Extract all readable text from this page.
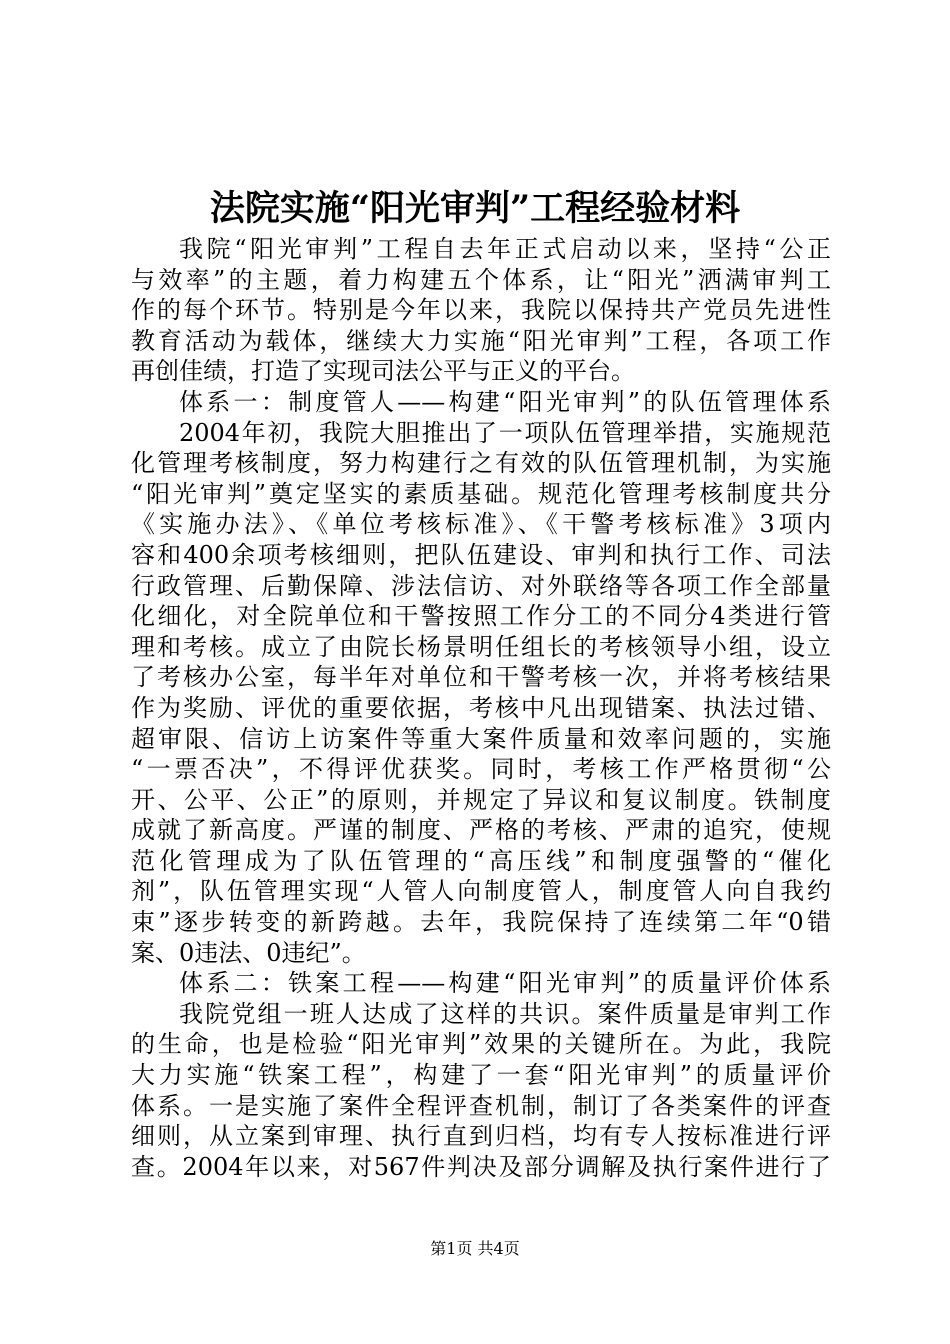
法院实施“阳光审判”工程经验材料
我院“阳光审判”工程自去年正式启动以来，坚持“公正
与效率”的主题，着力构建五个体系，让“阳光”洒满审判工
作的每个环节。特别是今年以来，我院以保持共产党员先进性
教育活动为载体，继续大力实施“阳光审判”工程，各项工作
再创佳绩，打造了实现司法公平与正义的平台。
体系一：制度管人——构建“阳光审判”的队伍管理体系
2004年初，我院大胆推出了一项队伍管理举措，实施规范
化管理考核制度，努力构建行之有效的队伍管理机制，为实施
“阳光审判”奠定坚实的素质基础。规范化管理考核制度共分
《实施办法》、《单位考核标准》、《干警考核标准》3项内
容和400余项考核细则，把队伍建设、审判和执行工作、司法
行政管理、后勤保障、涉法信访、对外联络等各项工作全部量
化细化，对全院单位和干警按照工作分工的不同分4类进行管
理和考核。成立了由院长杨景明任组长的考核领导小组，设立
了考核办公室，每半年对单位和干警考核一次，并将考核结果
作为奖励、评优的重要依据，考核中凡出现错案、执法过错、
超审限、信访上访案件等重大案件质量和效率问题的，实施
“一票否决”，不得评优获奖。同时，考核工作严格贯彻“公
开、公平、公正”的原则，并规定了异议和复议制度。铁制度
成就了新高度。严谨的制度、严格的考核、严肃的追究，使规
范化管理成为了队伍管理的“高压线”和制度强警的“催化
剂”，队伍管理实现“人管人向制度管人，制度管人向自我约
束”逐步转变的新跨越。去年，我院保持了连续第二年“0错
案、0违法、0违纪”。
体系二：铁案工程——构建“阳光审判”的质量评价体系
我院党组一班人达成了这样的共识。案件质量是审判工作
的生命，也是检验“阳光审判”效果的关键所在。为此，我院
大力实施“铁案工程”，构建了一套“阳光审判”的质量评价
体系。一是实施了案件全程评查机制，制订了各类案件的评查
细则，从立案到审理、执行直到归档，均有专人按标准进行评
查。2004年以来，对567件判决及部分调解及执行案件进行了
第1页 共4页
